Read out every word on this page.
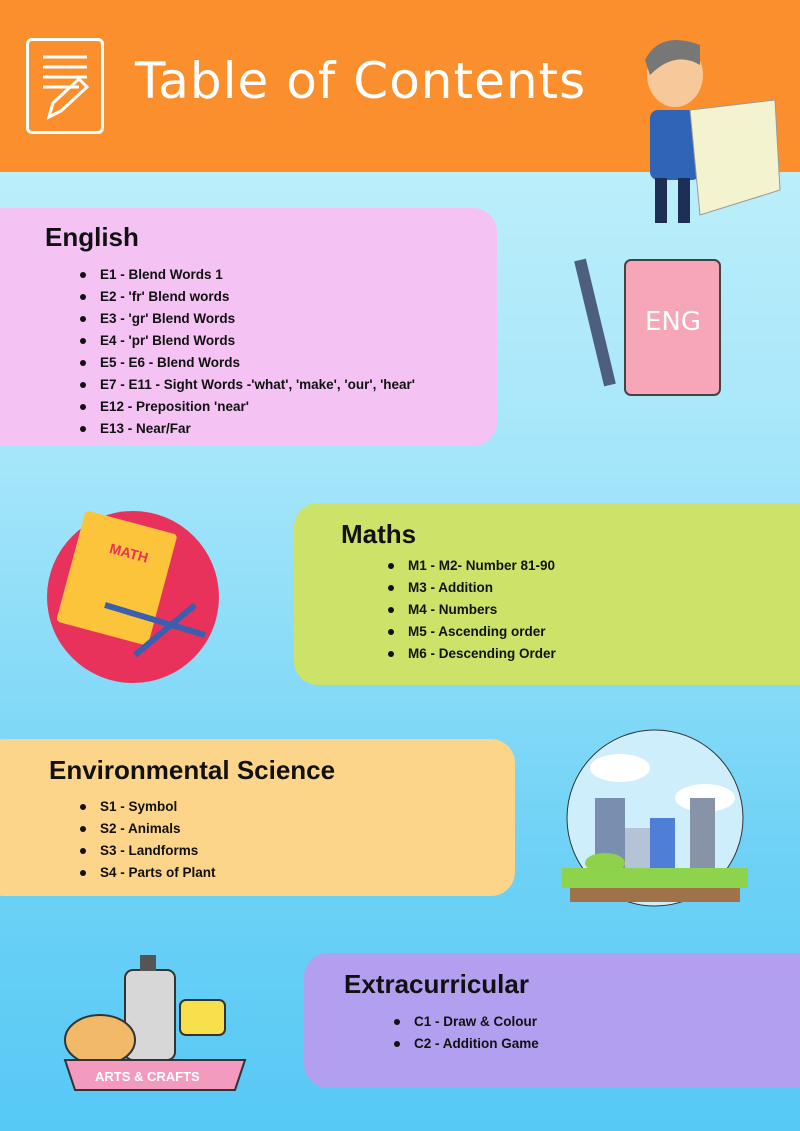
Table of Contents
English
E1 - Blend Words 1
E2 - 'fr' Blend words
E3 - 'gr' Blend Words
E4 - 'pr' Blend Words
E5 - E6 - Blend Words
E7 - E11 - Sight Words -'what', 'make', 'our', 'hear'
E12 - Preposition 'near'
E13 - Near/Far
ENG
MATH
Maths
M1 - M2- Number 81-90
M3 - Addition
M4 - Numbers
M5 - Ascending order
M6 - Descending Order
Environmental Science
S1 - Symbol
S2 - Animals
S3 - Landforms
S4 - Parts of Plant
ARTS & CRAFTS
Extracurricular
C1 - Draw & Colour
C2 - Addition Game
